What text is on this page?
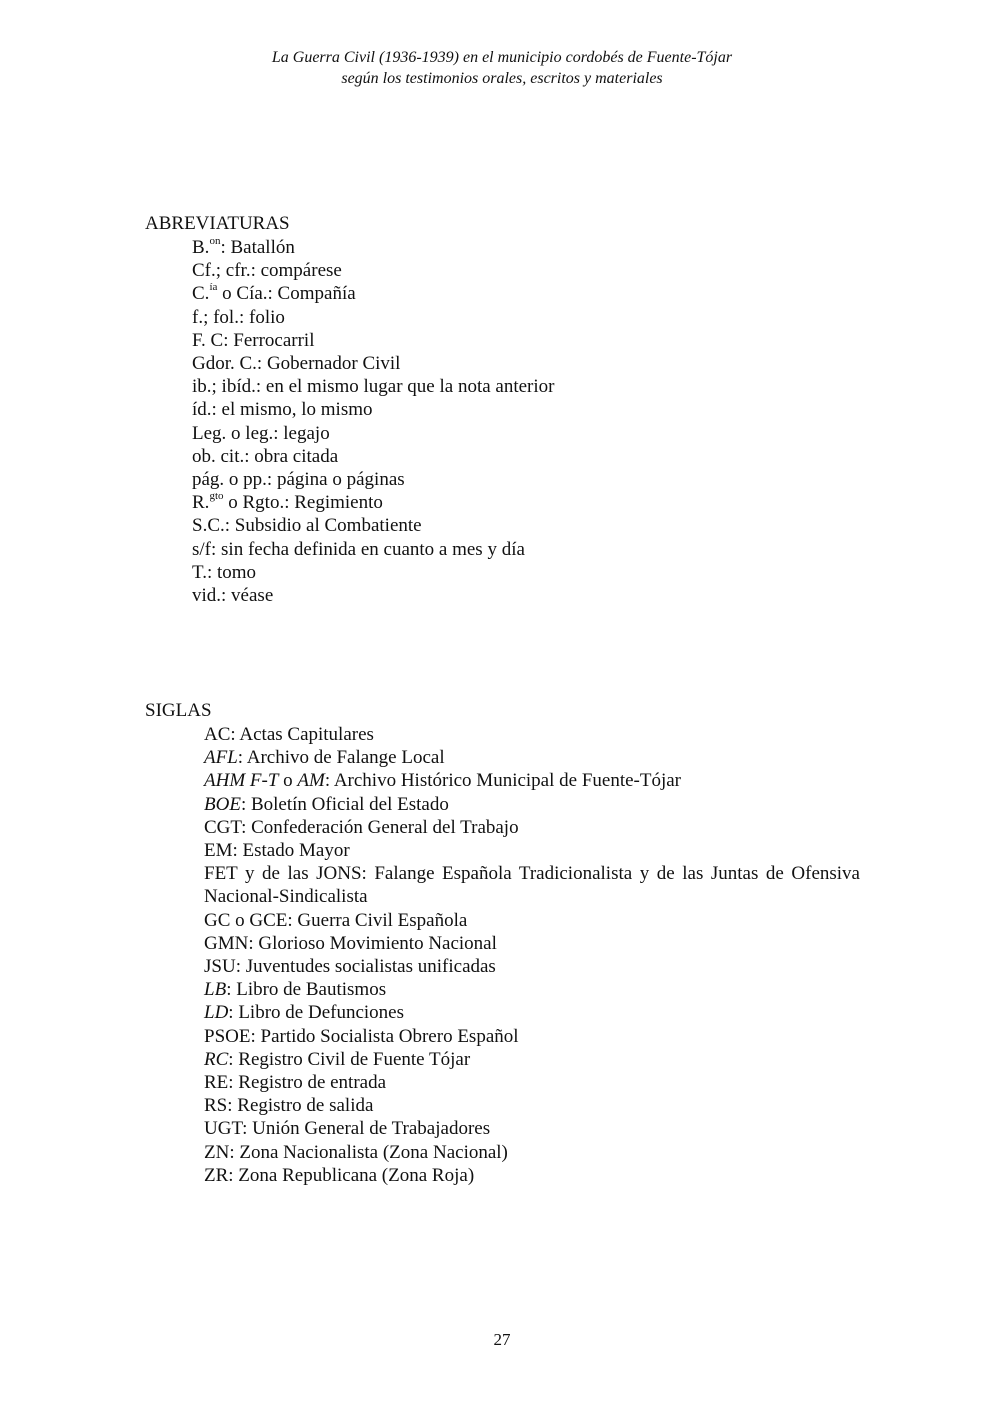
La Guerra Civil (1936-1939) en el municipio cordobés de Fuente-Tójar
según los testimonios orales, escritos y materiales
ABREVIATURAS
B.$^{on}$: Batallón
Cf.; cfr.: compárese
C.$^{ía}$ o Cía.: Compañía
f.; fol.: folio
F. C: Ferrocarril
Gdor. C.: Gobernador Civil
ib.; ibíd.: en el mismo lugar que la nota anterior
íd.: el mismo, lo mismo
Leg. o leg.: legajo
ob. cit.: obra citada
pág. o pp.: página o páginas
R.$^{gto}$ o Rgto.: Regimiento
S.C.: Subsidio al Combatiente
s/f: sin fecha definida en cuanto a mes y día
T.: tomo
vid.: véase
SIGLAS
AC: Actas Capitulares
AFL: Archivo de Falange Local
AHM F-T o AM: Archivo Histórico Municipal de Fuente-Tójar
BOE: Boletín Oficial del Estado
CGT: Confederación General del Trabajo
EM: Estado Mayor
FET y de las JONS: Falange Española Tradicionalista y de las Juntas de Ofensiva Nacional-Sindicalista
GC o GCE: Guerra Civil Española
GMN: Glorioso Movimiento Nacional
JSU: Juventudes socialistas unificadas
LB: Libro de Bautismos
LD: Libro de Defunciones
PSOE: Partido Socialista Obrero Español
RC: Registro Civil de Fuente Tójar
RE: Registro de entrada
RS: Registro de salida
UGT: Unión General de Trabajadores
ZN: Zona Nacionalista (Zona Nacional)
ZR: Zona Republicana (Zona Roja)
27
